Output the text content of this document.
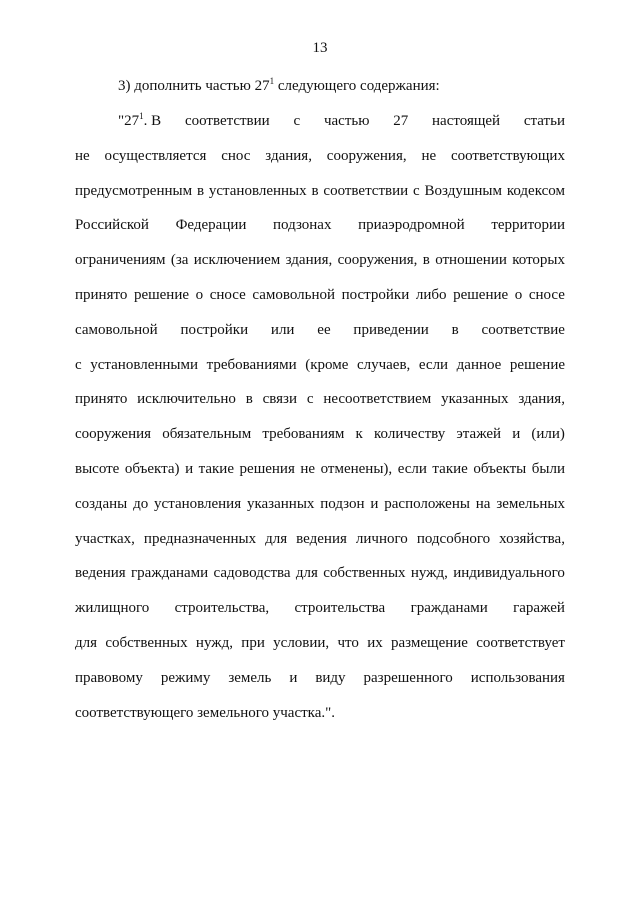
13
3) дополнить частью $27^1$ следующего содержания:
"$27^1$. В соответствии с частью 27 настоящей статьи
не осуществляется снос здания, сооружения, не соответствующих
предусмотренным в установленных в соответствии с Воздушным кодексом
Российской Федерации подзонах приаэродромной территории
ограничениям (за исключением здания, сооружения, в отношении которых
принято решение о сносе самовольной постройки либо решение о сносе
самовольной постройки или ее приведении в соответствие
с установленными требованиями (кроме случаев, если данное решение
принято исключительно в связи с несоответствием указанных здания,
сооружения обязательным требованиям к количеству этажей и (или)
высоте объекта) и такие решения не отменены), если такие объекты были
созданы до установления указанных подзон и расположены на земельных
участках, предназначенных для ведения личного подсобного хозяйства,
ведения гражданами садоводства для собственных нужд, индивидуального
жилищного строительства, строительства гражданами гаражей
для собственных нужд, при условии, что их размещение соответствует
правовому режиму земель и виду разрешенного использования
соответствующего земельного участка.".
